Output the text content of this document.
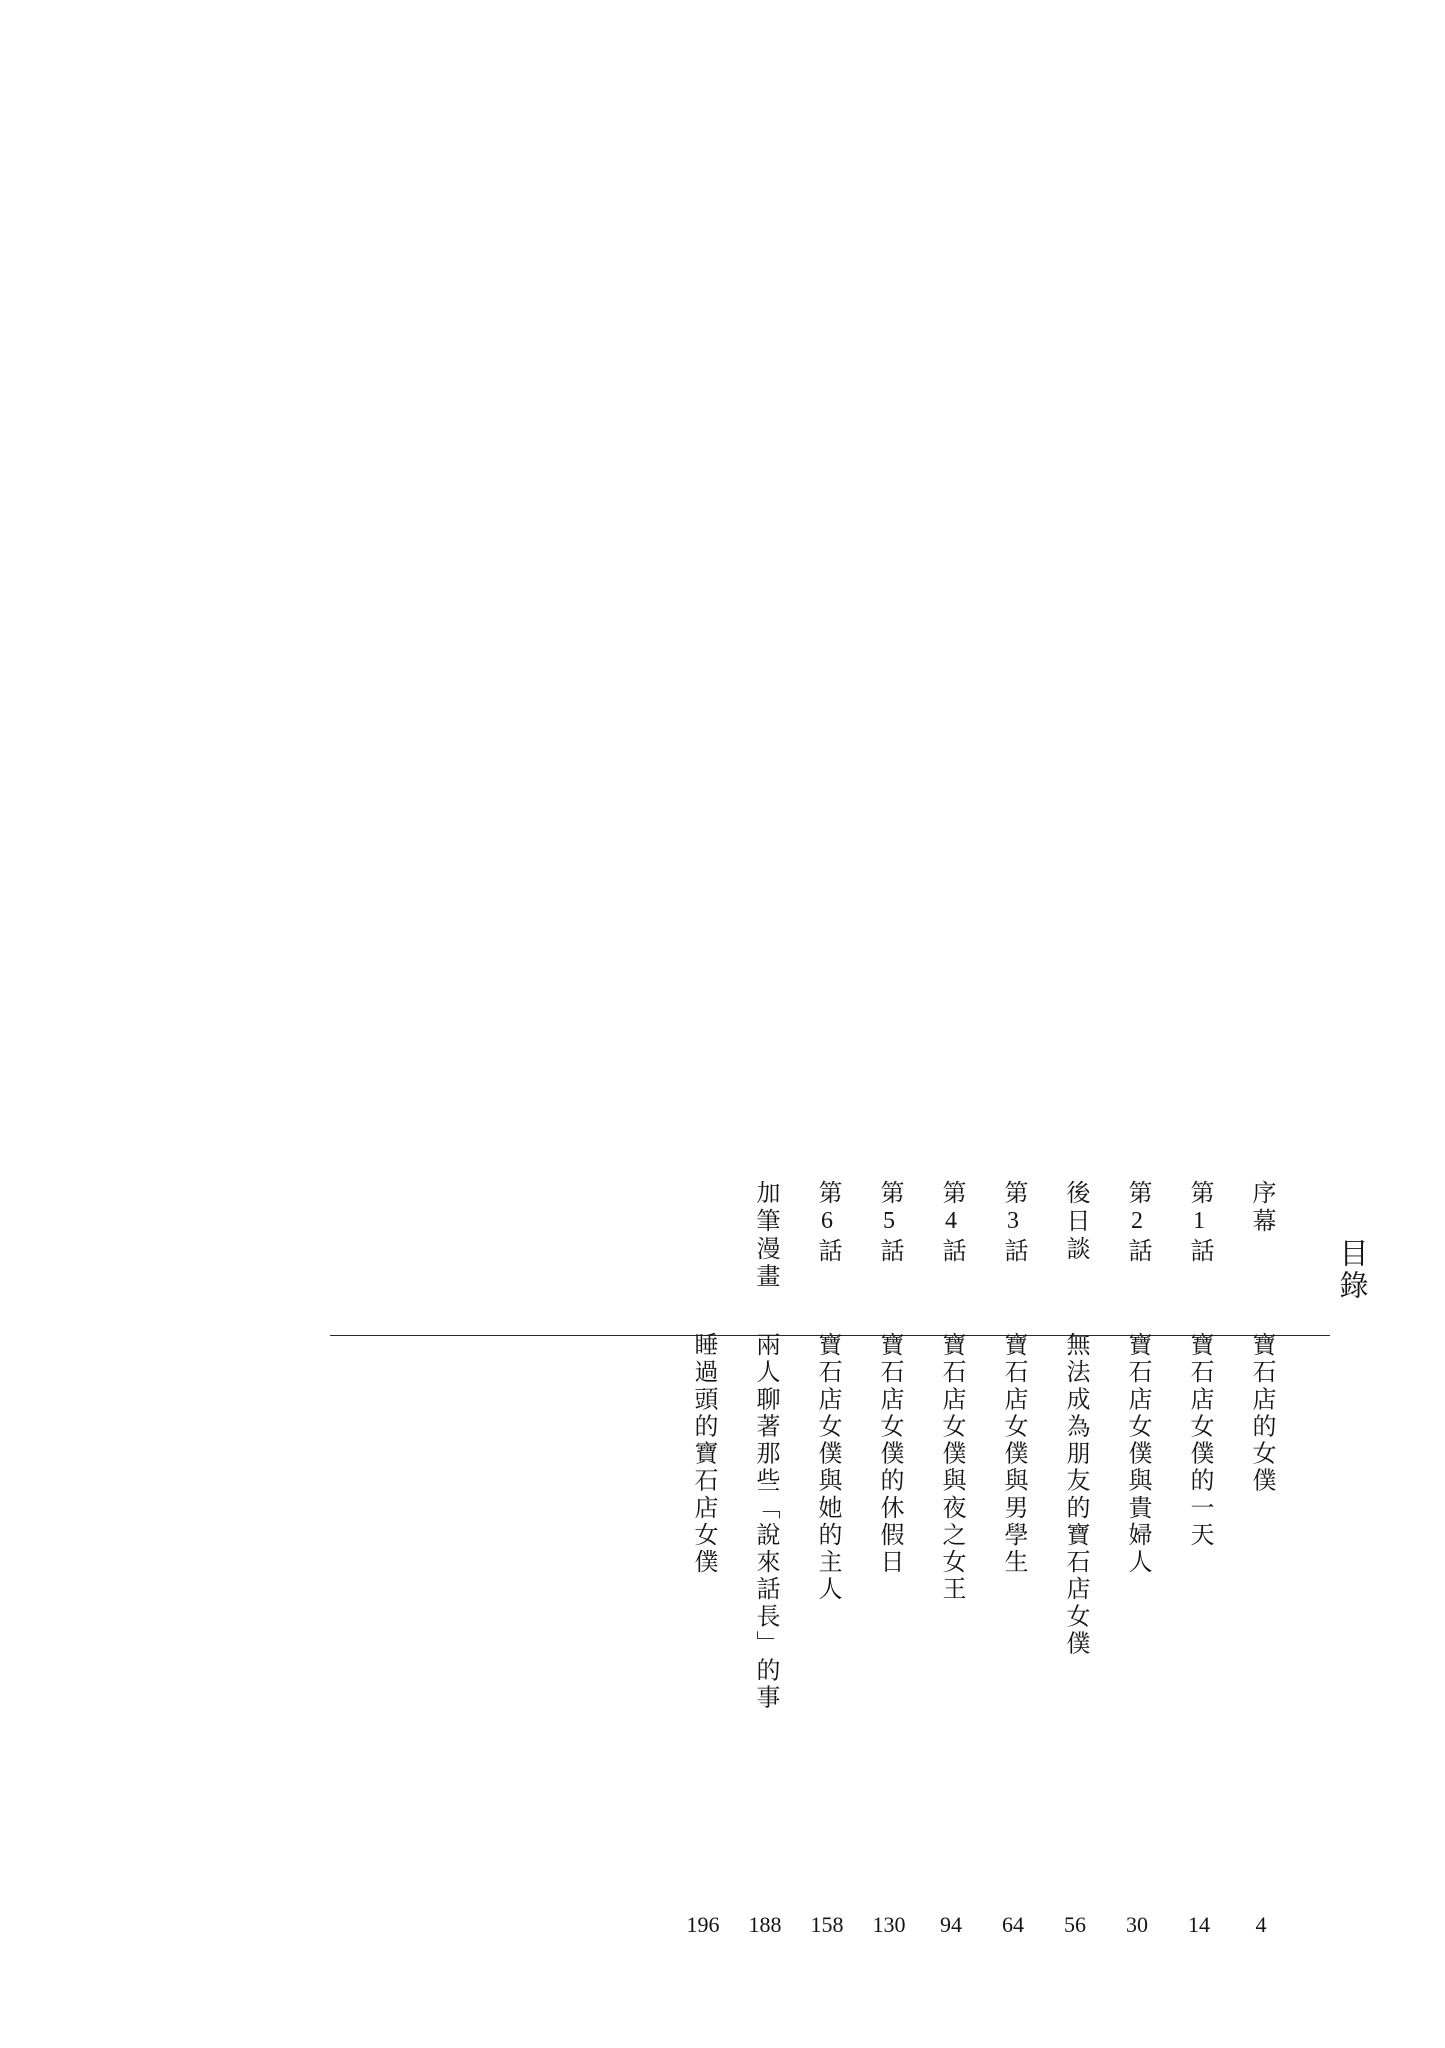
目錄
序幕
寶石店的女僕
4
第1話
寶石店女僕的一天
14
第2話
寶石店女僕與貴婦人
30
後日談
無法成為朋友的寶石店女僕
56
第3話
寶石店女僕與男學生
64
第4話
寶石店女僕與夜之女王
94
第5話
寶石店女僕的休假日
130
第6話
寶石店女僕與她的主人
158
加筆漫畫
兩人聊著那些「說來話長」的事
188
睡過頭的寶石店女僕
196
